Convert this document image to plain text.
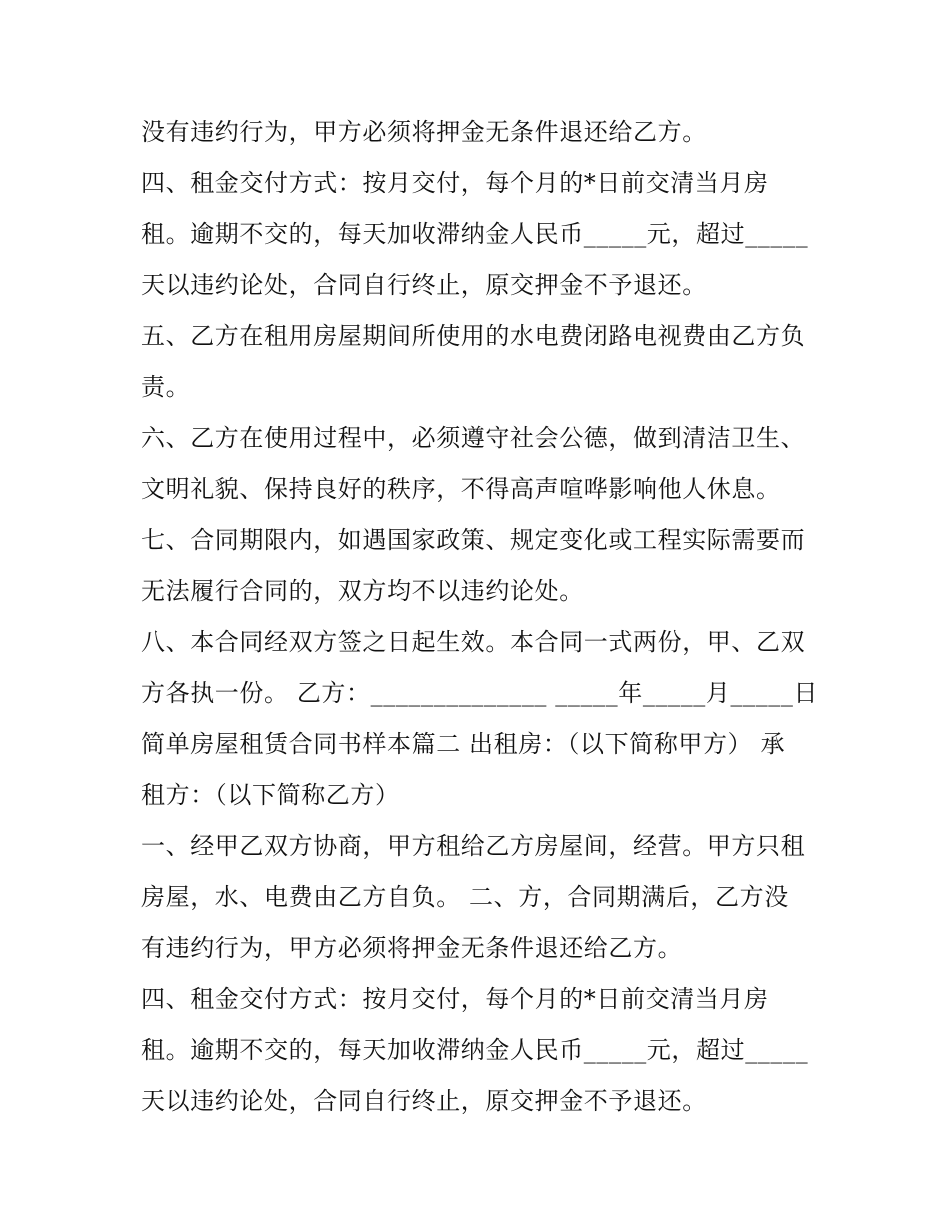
没有违约行为，甲方必须将押金无条件退还给乙方。
四、租金交付方式：按月交付，每个月的*日前交清当月房
租。逾期不交的，每天加收滞纳金人民币_____元，超过_____
天以违约论处，合同自行终止，原交押金不予退还。
五、乙方在租用房屋期间所使用的水电费闭路电视费由乙方负
责。
六、乙方在使用过程中，必须遵守社会公德，做到清洁卫生、
文明礼貌、保持良好的秩序，不得高声喧哗影响他人休息。
七、合同期限内，如遇国家政策、规定变化或工程实际需要而
无法履行合同的，双方均不以违约论处。
八、本合同经双方签之日起生效。本合同一式两份，甲、乙双
方各执一份。 乙方：______________ _____年_____月_____日
简单房屋租赁合同书样本篇二 出租房：（以下简称甲方） 承
租方：（以下简称乙方）
一、经甲乙双方协商，甲方租给乙方房屋间，经营。甲方只租
房屋，水、电费由乙方自负。 二、方，合同期满后，乙方没
有违约行为，甲方必须将押金无条件退还给乙方。
四、租金交付方式：按月交付，每个月的*日前交清当月房
租。逾期不交的，每天加收滞纳金人民币_____元，超过_____
天以违约论处，合同自行终止，原交押金不予退还。
